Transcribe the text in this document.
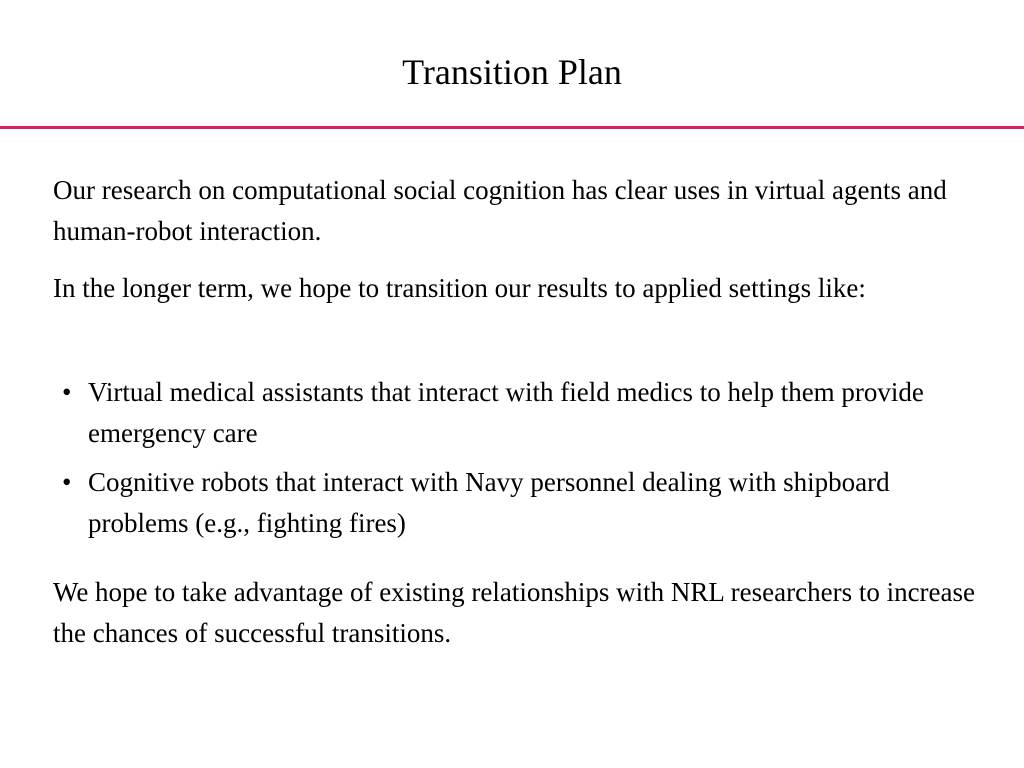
Transition Plan

Our research on computational social cognition has clear uses in virtual agents and human-robot interaction.

In the longer term, we hope to transition our results to applied settings like:

• Virtual medical assistants that interact with field medics to help them provide emergency care
• Cognitive robots that interact with Navy personnel dealing with shipboard problems (e.g., fighting fires)

We hope to take advantage of existing relationships with NRL researchers to increase the chances of successful transitions.
